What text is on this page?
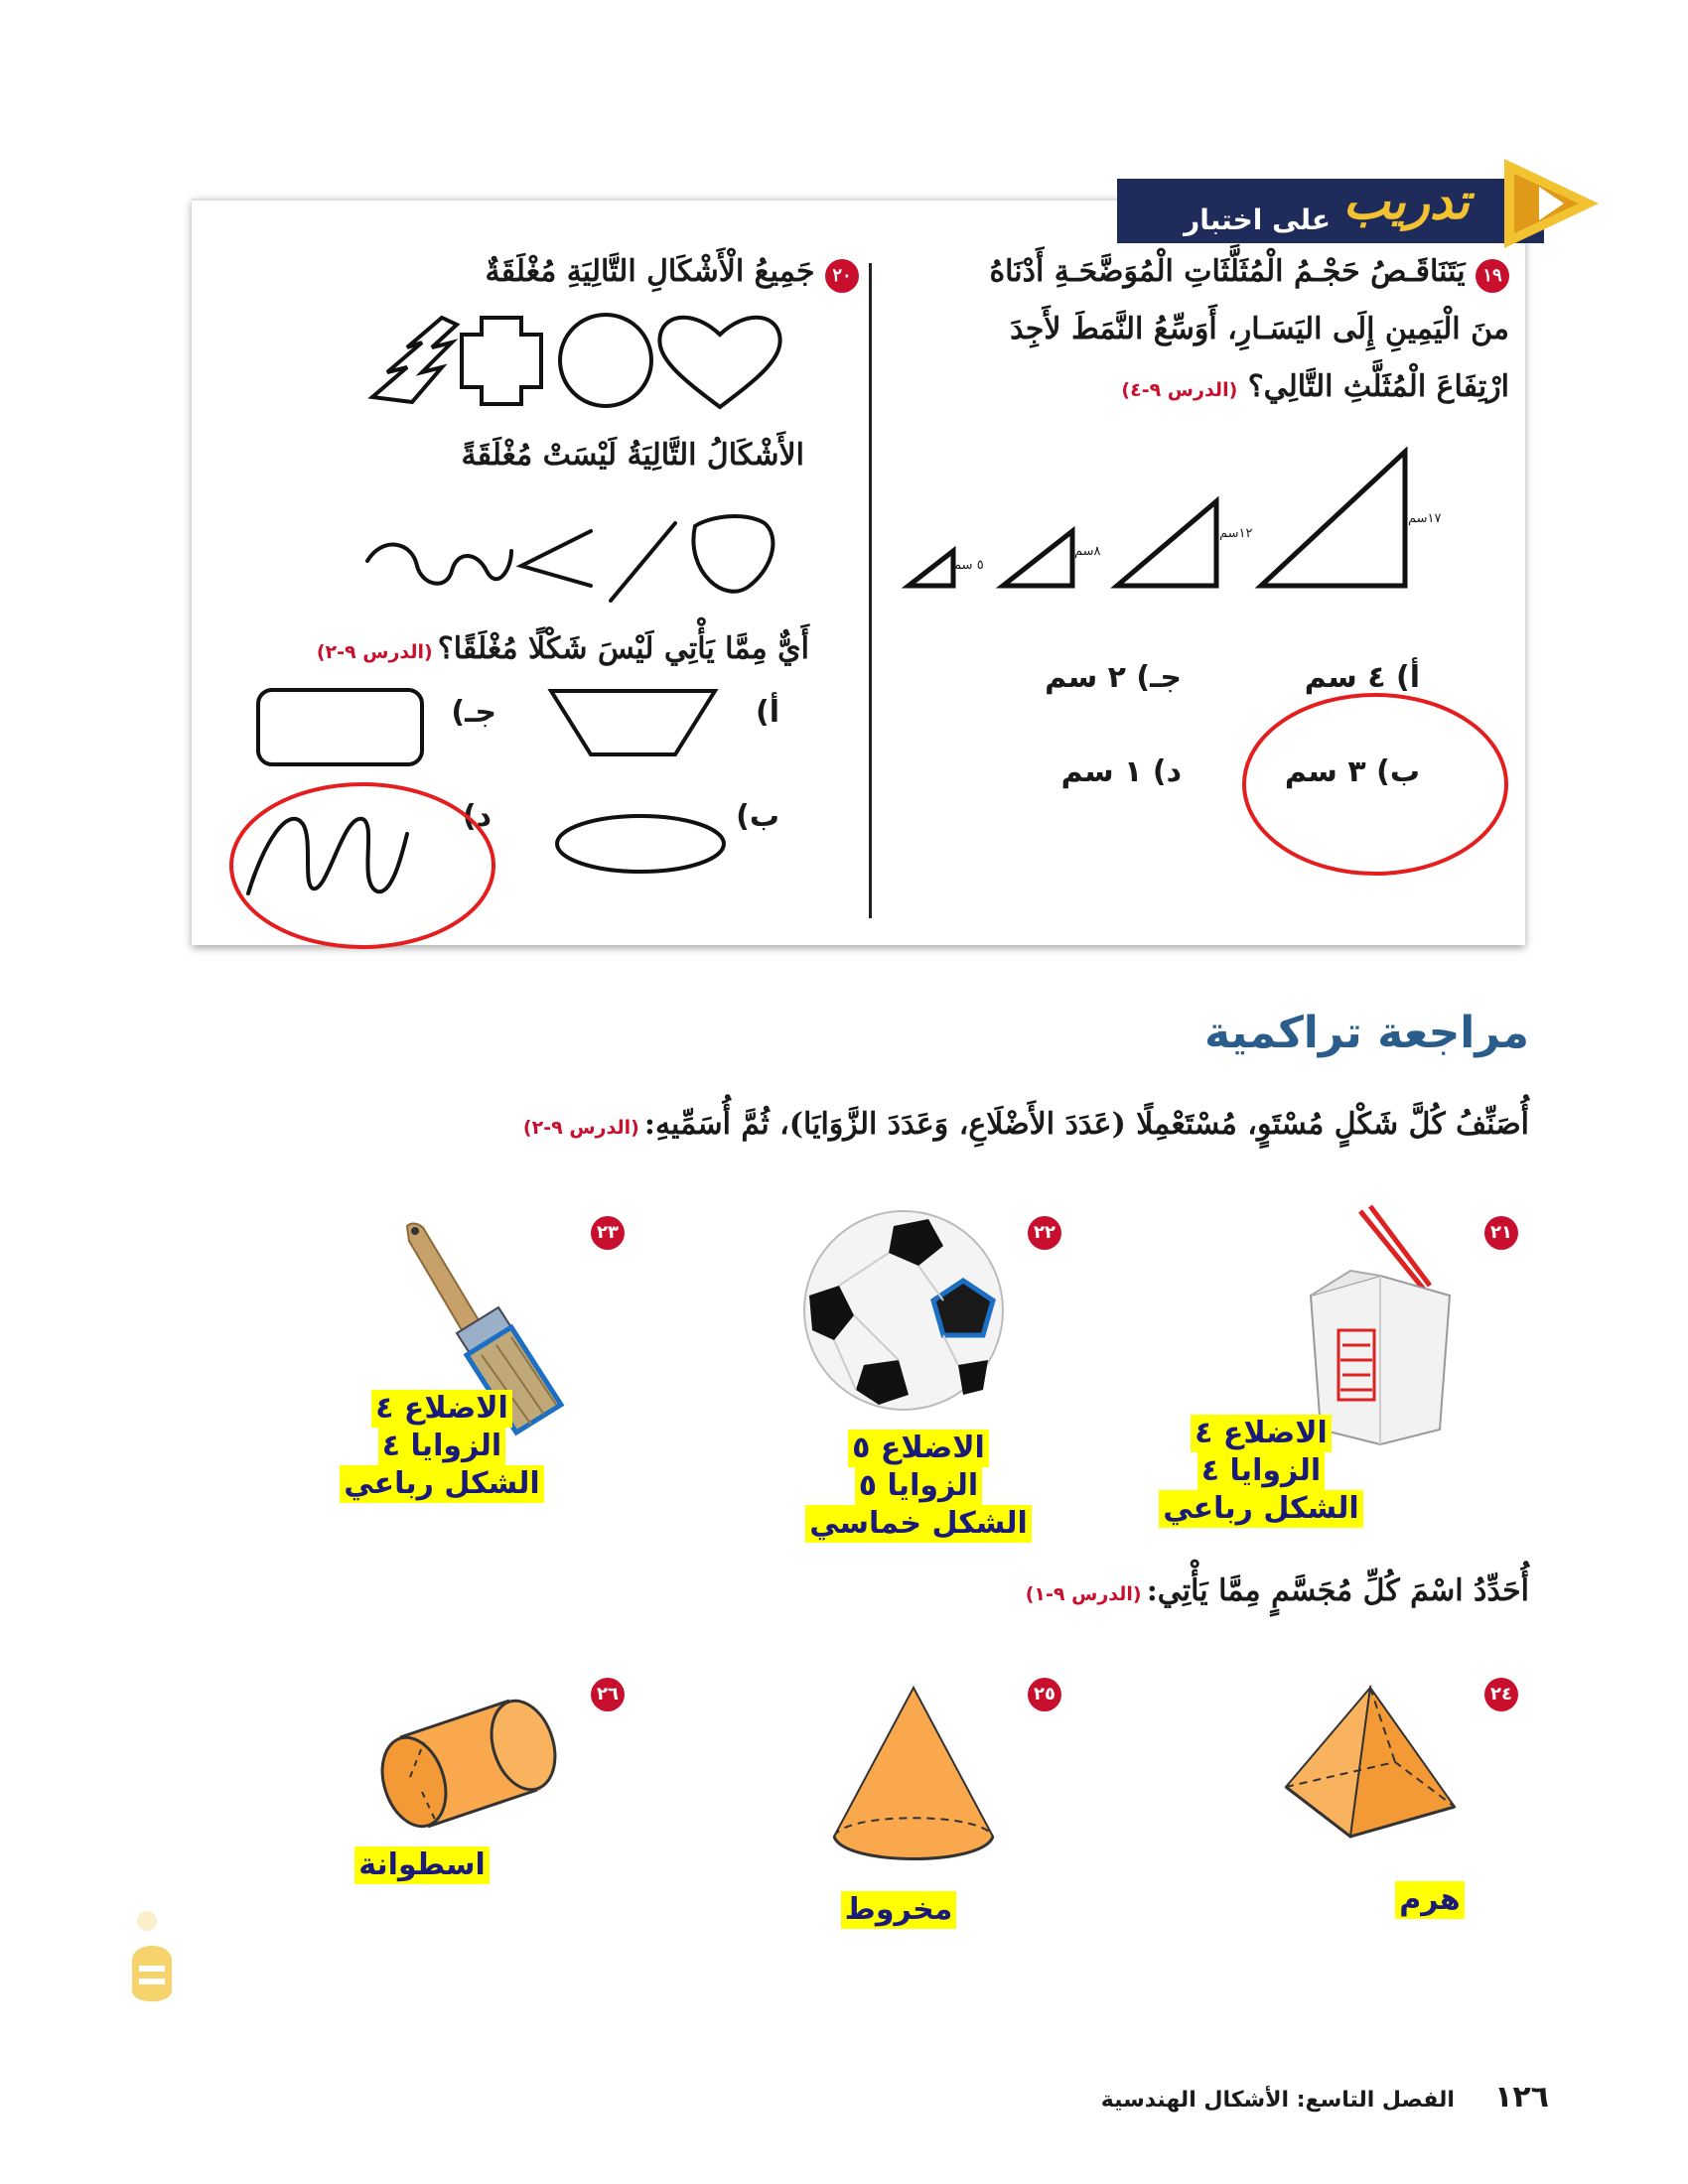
تدريب
على اختبار
١٩ يَتَنَاقَـصُ حَجْـمُ الْمُثَلَّثَاتِ الْمُوَضَّحَـةِ أَدْنَاهُ
منَ الْيَمِينِ إِلَى اليَسَـارِ، أَوَسِّعُ النَّمَطَ لأَجِدَ
ارْتِفَاعَ الْمُثَلَّثِ التَّالِي؟ (الدرس ٩-٤)
١٧سم
١٢سم
٨سم
٥ سم
أ) ٤ سم
جـ) ٢ سم
ب) ٣ سم
د) ١ سم
٢٠ جَمِيعُ الْأَشْكَالِ التَّالِيَةِ مُغْلَقَةٌ
الأَشْكَالُ التَّالِيَةُ لَيْسَتْ مُغْلَقَةً
أَيٌّ مِمَّا يَأْتِي لَيْسَ شَكْلًا مُغْلَقًا؟ (الدرس ٩-٢)
أ)
جـ)
ب)
د)
مراجعة تراكمية
أُصَنِّفُ كُلَّ شَكْلٍ مُسْتَوٍ، مُسْتَعْمِلًا (عَدَدَ الأَضْلَاعِ، وَعَدَدَ الزَّوَايَا)، ثُمَّ أُسَمِّيهِ: (الدرس ٩-٢)
٢١
الاضلاع ٤
الزوايا ٤
الشكل رباعي
٢٢
الاضلاع ٥
الزوايا ٥
الشكل خماسي
٢٣
الاضلاع ٤
الزوايا ٤
الشكل رباعي
أُحَدِّدُ اسْمَ كُلِّ مُجَسَّمٍ مِمَّا يَأْتِي: (الدرس ٩-١)
٢٤
هرم
٢٥
مخروط
٢٦
اسطوانة
١٢٦  الفصل التاسع: الأشكال الهندسية
